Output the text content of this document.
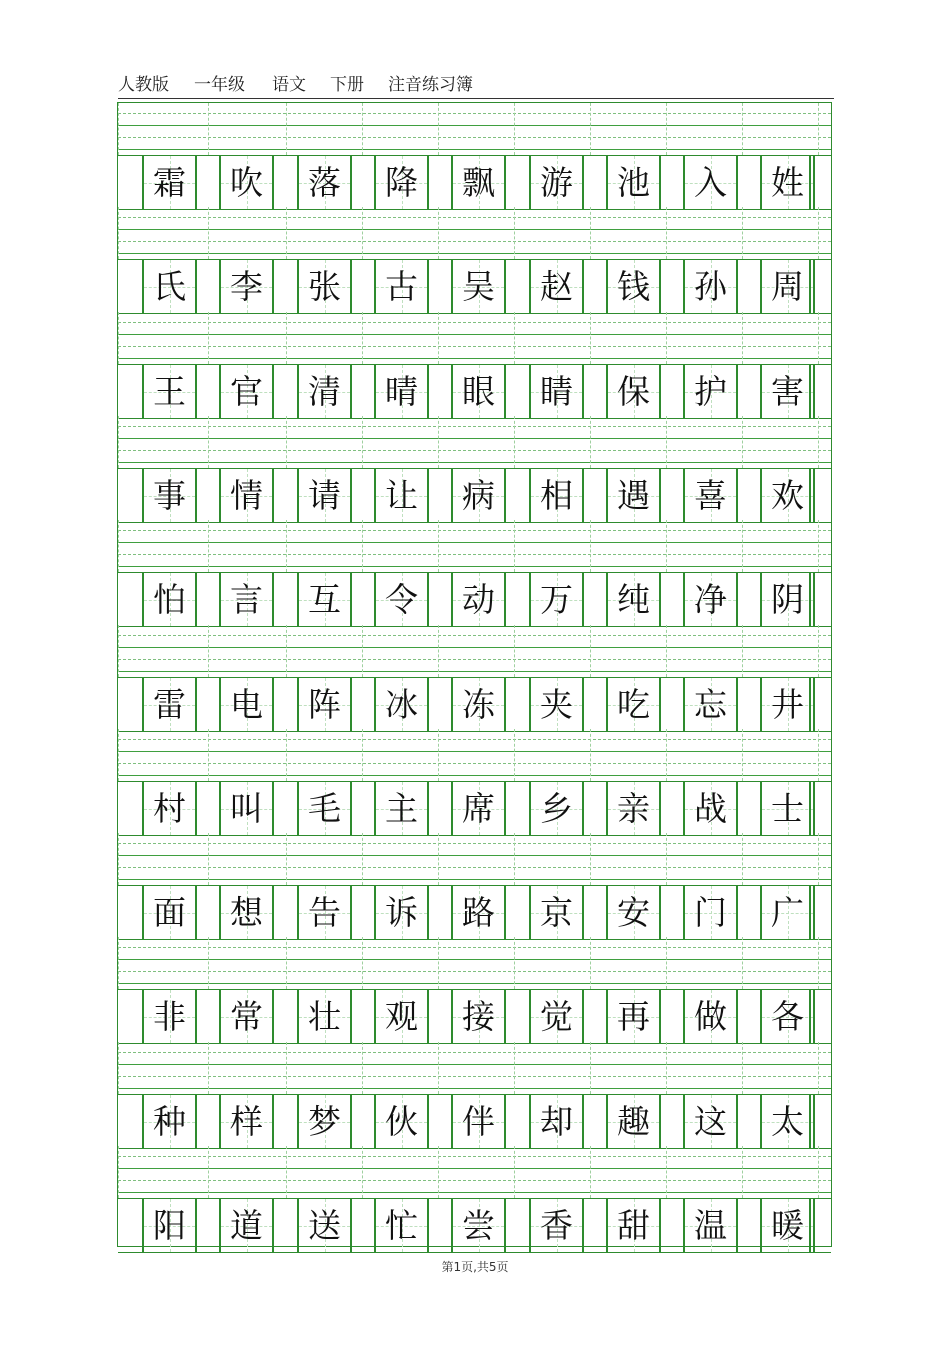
人教版 一年级 语文 下册 注音练习簿
霜 吹 落 降 飘 游 池 入 姓
氏 李 张 古 吴 赵 钱 孙 周
王 官 清 晴 眼 睛 保 护 害
事 情 请 让 病 相 遇 喜 欢
怕 言 互 令 动 万 纯 净 阴
雷 电 阵 冰 冻 夹 吃 忘 井
村 叫 毛 主 席 乡 亲 战 士
面 想 告 诉 路 京 安 门 广
非 常 壮 观 接 觉 再 做 各
种 样 梦 伙 伴 却 趣 这 太
阳 道 送 忙 尝 香 甜 温 暖
第1页,共5页
